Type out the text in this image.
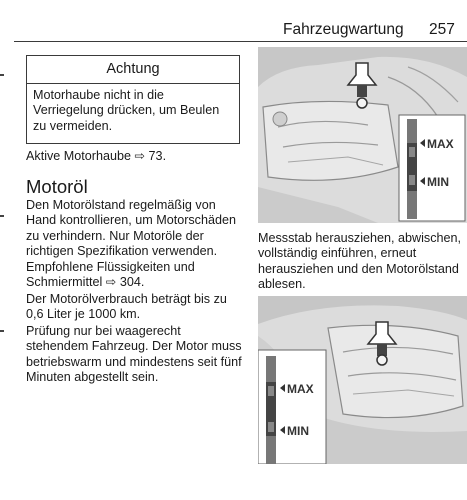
Fahrzeugwartung 257
Achtung
Motorhaube nicht in die Verriegelung drücken, um Beulen zu vermeiden.
Aktive Motorhaube ⇨ 73.
Motoröl
Den Motorölstand regelmäßig von Hand kontrollieren, um Motorschäden zu verhindern. Nur Motoröle der richtigen Spezifikation verwenden. Empfohlene Flüssigkeiten und Schmiermittel ⇨ 304.
Der Motorölverbrauch beträgt bis zu 0,6 Liter je 1000 km.
Prüfung nur bei waagerecht stehendem Fahrzeug. Der Motor muss betriebswarm und mindestens seit fünf Minuten abgestellt sein.
MAX
MIN
Messstab herausziehen, abwischen, vollständig einführen, erneut herausziehen und den Motorölstand ablesen.
MAX
MIN
